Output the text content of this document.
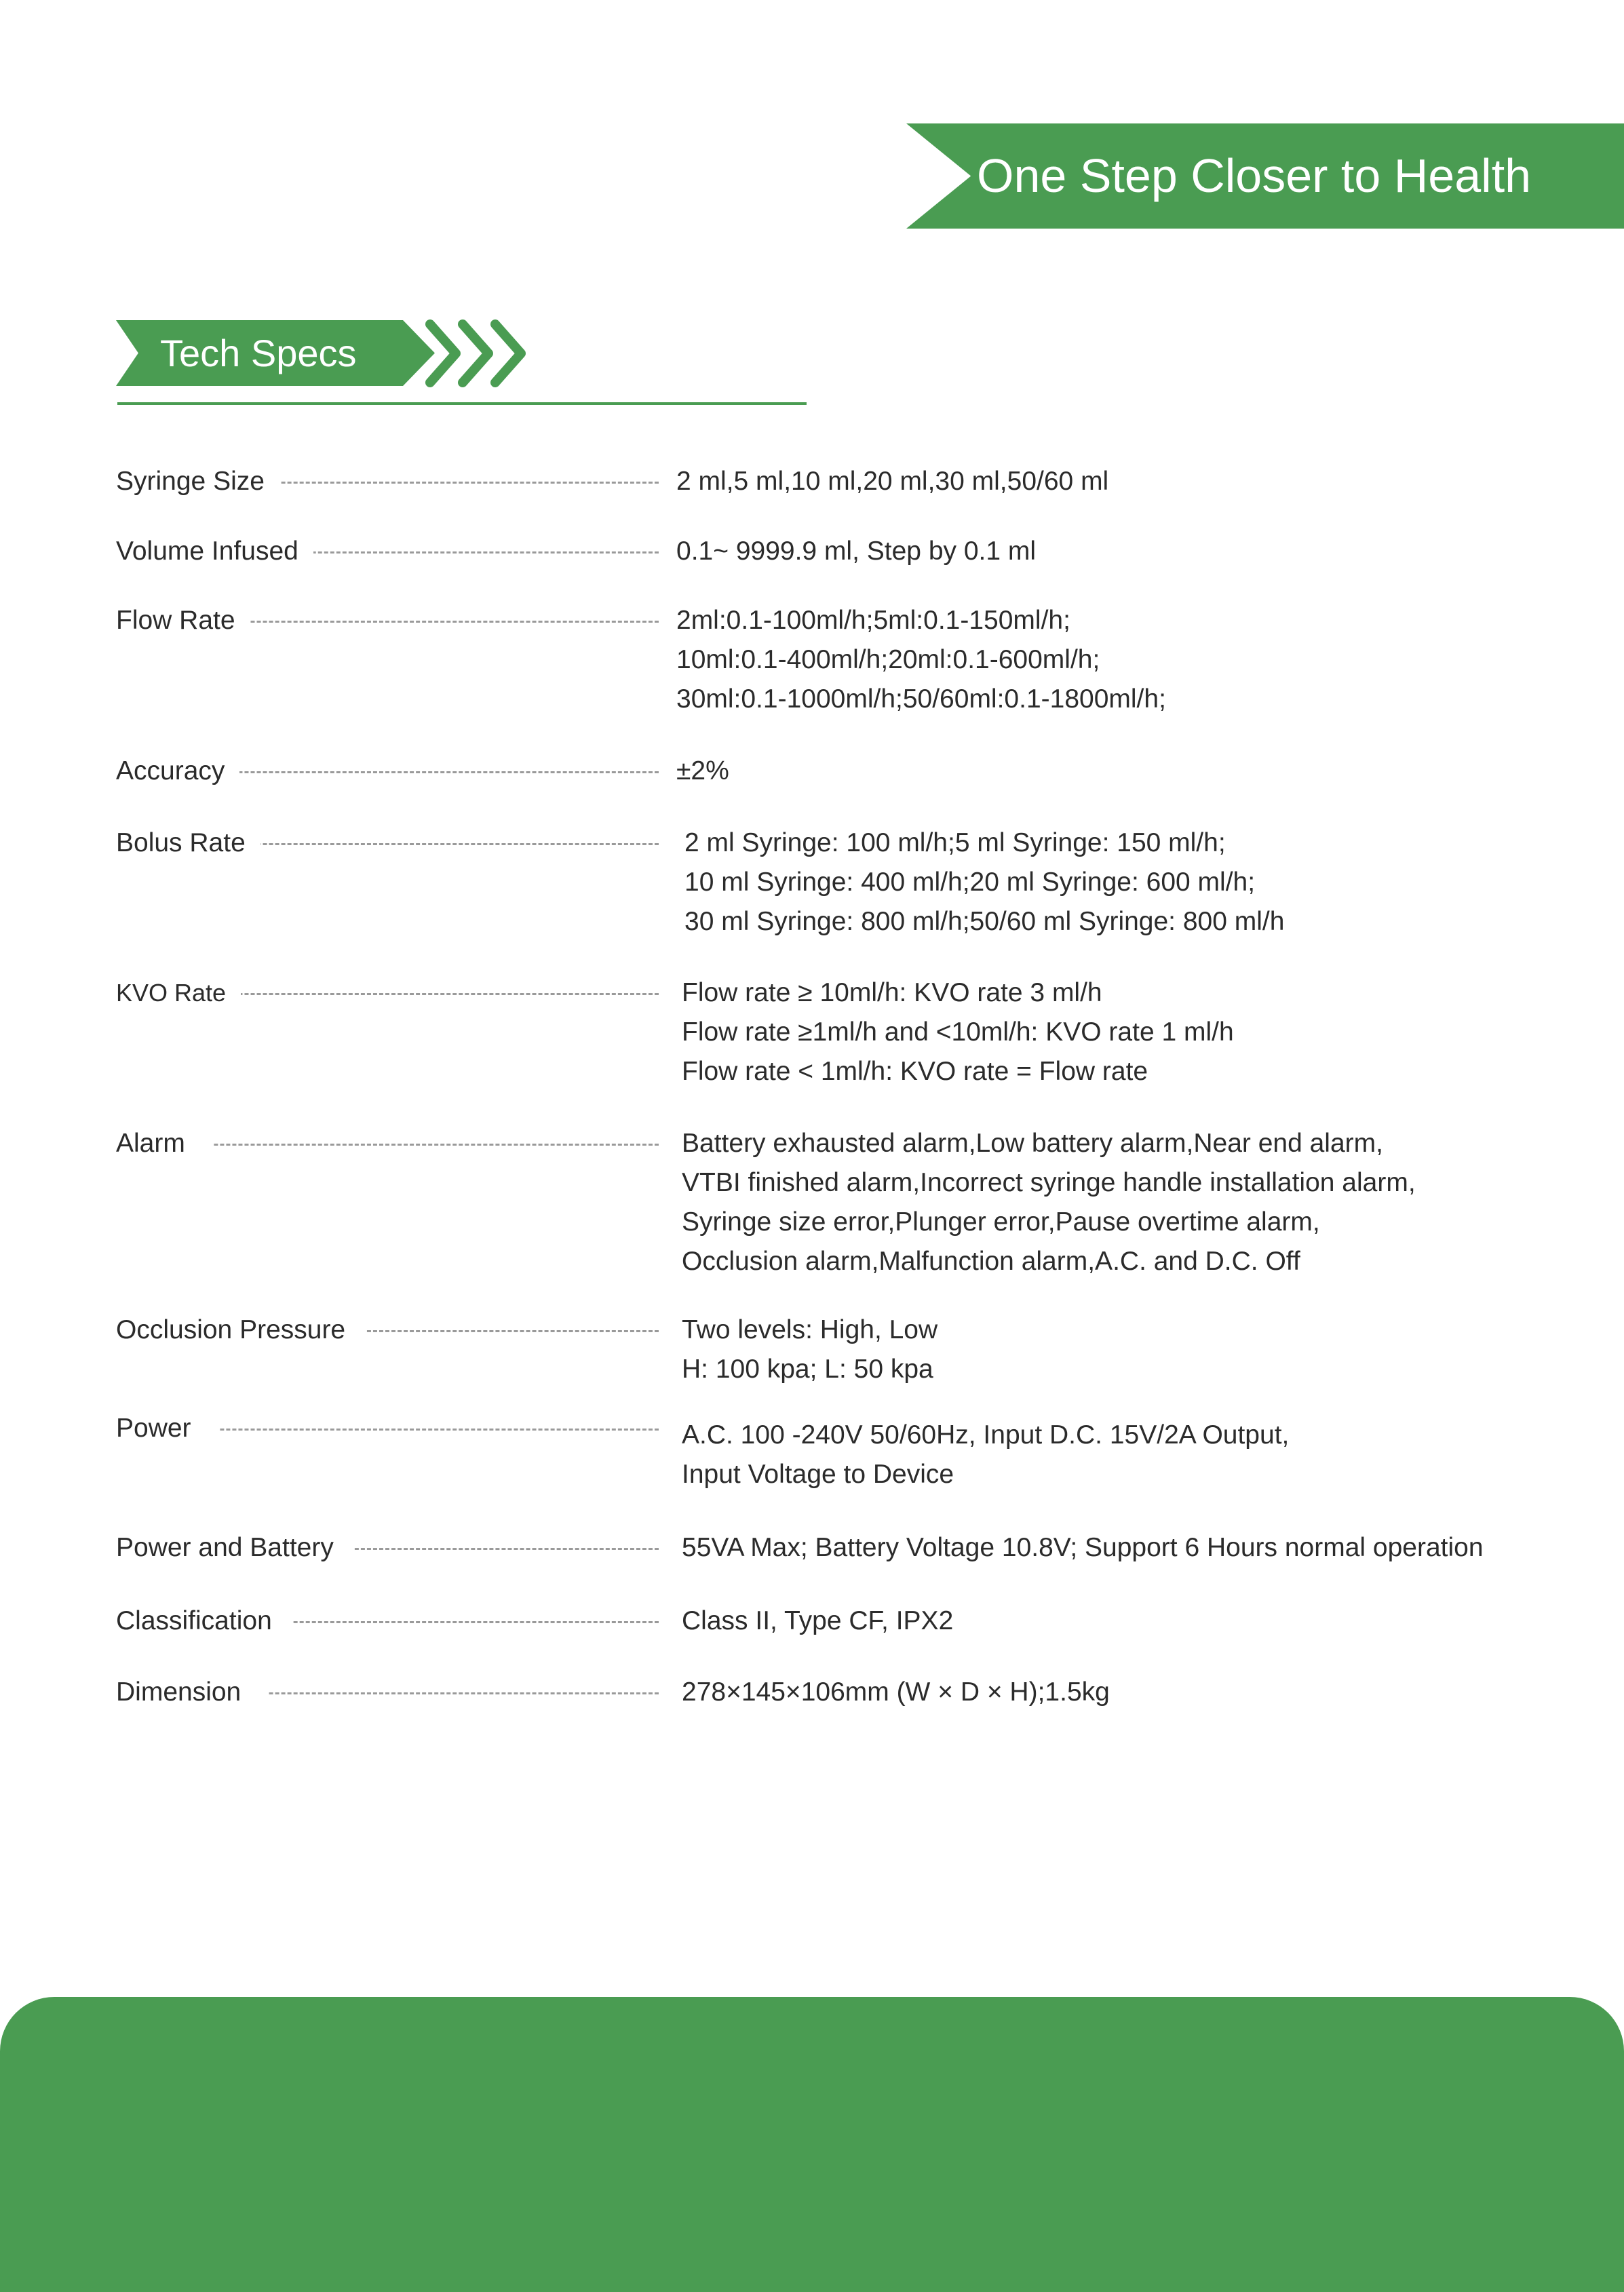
One Step Closer to Health
Tech Specs
Syringe Size	2 ml,5 ml,10 ml,20 ml,30 ml,50/60 ml
Volume Infused	0.1~ 9999.9 ml, Step by 0.1 ml
Flow Rate	2ml:0.1-100ml/h;5ml:0.1-150ml/h;
10ml:0.1-400ml/h;20ml:0.1-600ml/h;
30ml:0.1-1000ml/h;50/60ml:0.1-1800ml/h;
Accuracy	±2%
Bolus Rate	2 ml Syringe: 100 ml/h;5 ml Syringe: 150 ml/h;
10 ml Syringe: 400 ml/h;20 ml Syringe: 600 ml/h;
30 ml Syringe: 800 ml/h;50/60 ml Syringe: 800 ml/h
KVO Rate	Flow rate ≥ 10ml/h: KVO rate 3 ml/h
Flow rate ≥1ml/h and <10ml/h: KVO rate 1 ml/h
Flow rate < 1ml/h: KVO rate = Flow rate
Alarm	Battery exhausted alarm,Low battery alarm,Near end alarm,
VTBI finished alarm,Incorrect syringe handle installation alarm,
Syringe size error,Plunger error,Pause overtime alarm,
Occlusion alarm,Malfunction alarm,A.C. and D.C. Off
Occlusion Pressure	Two levels: High, Low
H: 100 kpa; L: 50 kpa
Power	A.C. 100 -240V 50/60Hz, Input D.C. 15V/2A Output,
Input Voltage to Device
Power and Battery	55VA Max; Battery Voltage 10.8V; Support 6 Hours normal operation
Classification	Class II, Type CF, IPX2
Dimension	278×145×106mm (W × D × H);1.5kg
